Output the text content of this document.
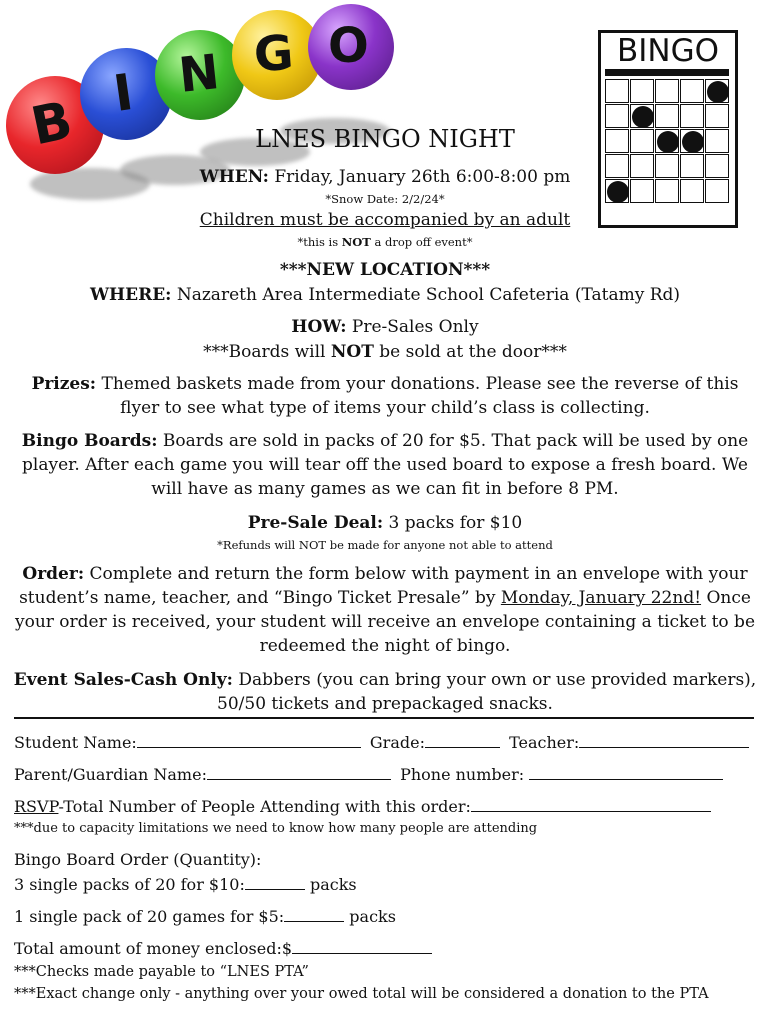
B I N G O	BINGO
LNES BINGO NIGHT
WHEN: Friday, January 26th 6:00-8:00 pm
*Snow Date: 2/2/24*
Children must be accompanied by an adult
*this is NOT a drop off event*
***NEW LOCATION***
WHERE: Nazareth Area Intermediate School Cafeteria (Tatamy Rd)
HOW: Pre-Sales Only
***Boards will NOT be sold at the door***
Prizes: Themed baskets made from your donations. Please see the reverse of this flyer to see what type of items your child’s class is collecting.
Bingo Boards: Boards are sold in packs of 20 for $5. That pack will be used by one player. After each game you will tear off the used board to expose a fresh board. We will have as many games as we can fit in before 8 PM.
Pre-Sale Deal: 3 packs for $10
*Refunds will NOT be made for anyone not able to attend
Order: Complete and return the form below with payment in an envelope with your student’s name, teacher, and “Bingo Ticket Presale” by Monday, January 22nd! Once your order is received, your student will receive an envelope containing a ticket to be redeemed the night of bingo.
Event Sales-Cash Only: Dabbers (you can bring your own or use provided markers), 50/50 tickets and prepackaged snacks.
Student Name:	Grade:	Teacher:
Parent/Guardian Name:	Phone number:
RSVP-Total Number of People Attending with this order:
***due to capacity limitations we need to know how many people are attending
Bingo Board Order (Quantity):
3 single packs of 20 for $10:	packs
1 single pack of 20 games for $5:	packs
Total amount of money enclosed:$
***Checks made payable to “LNES PTA”
***Exact change only - anything over your owed total will be considered a donation to the PTA
